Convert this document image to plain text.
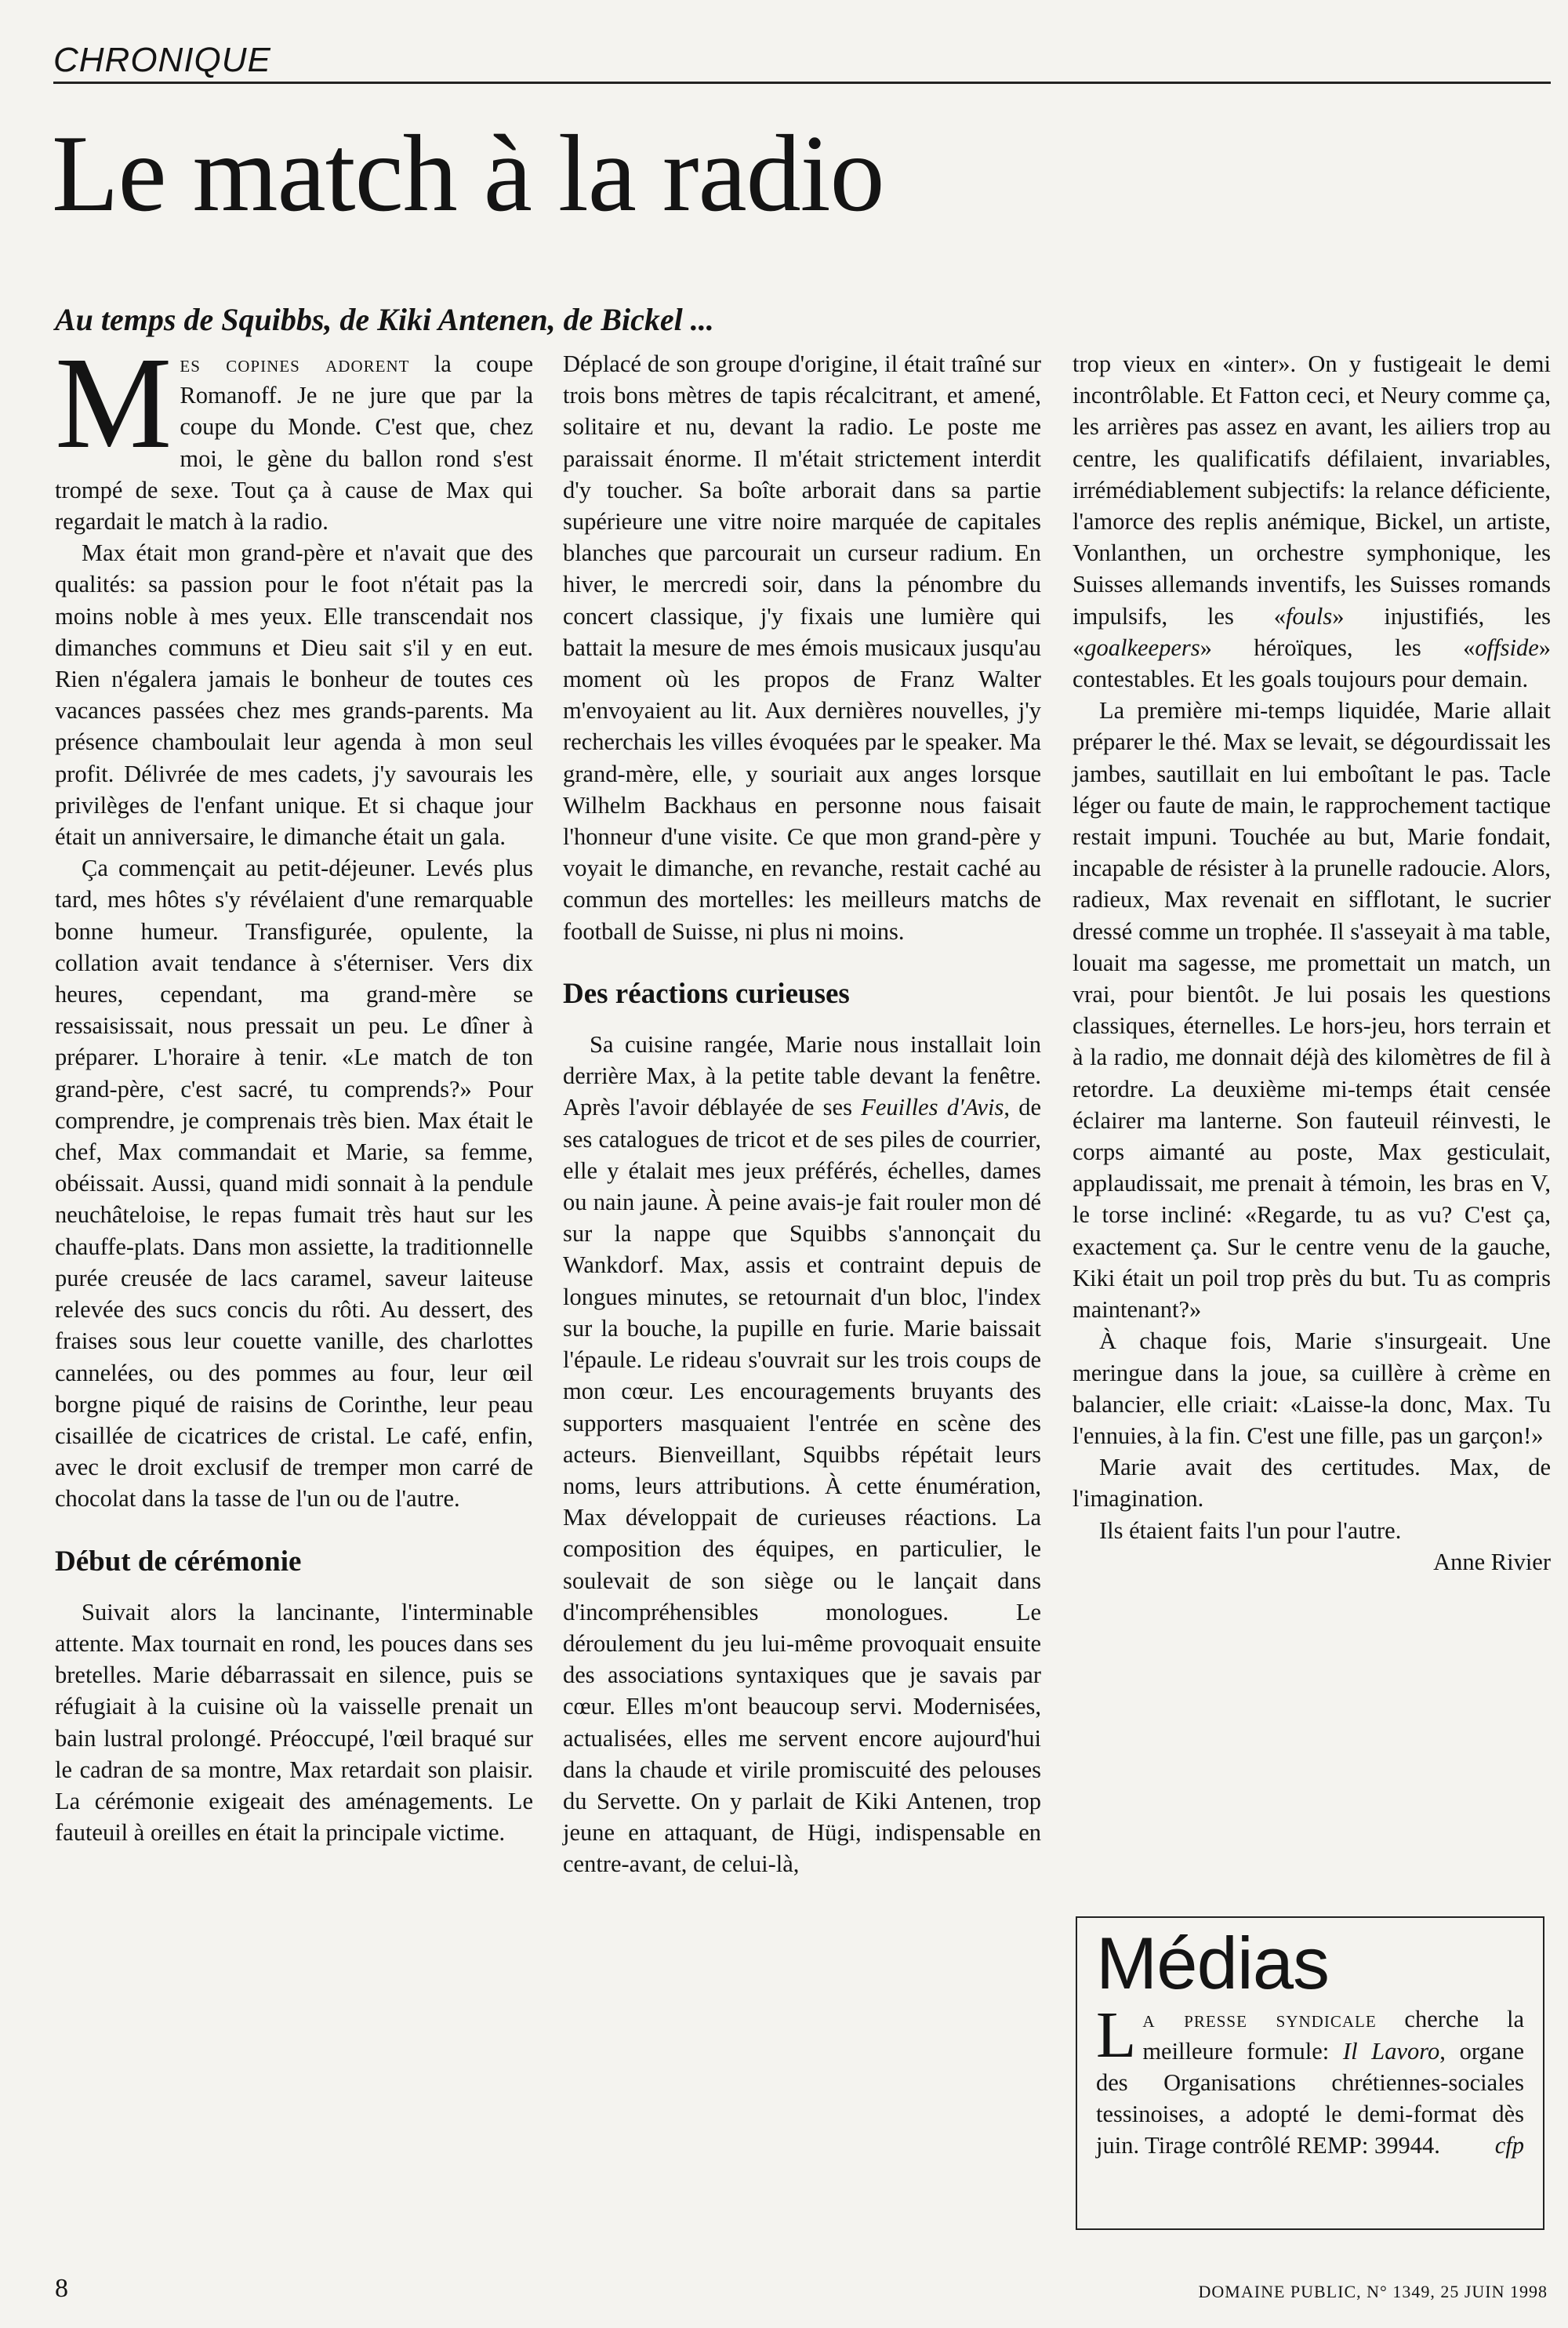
CHRONIQUE
Le match à la radio
Au temps de Squibbs, de Kiki Antenen, de Bickel ...

Mes copines adorent la coupe Romanoff. Je ne jure que par la coupe du Monde. C'est que, chez moi, le gène du ballon rond s'est trompé de sexe. Tout ça à cause de Max qui regardait le match à la radio.

Max était mon grand-père et n'avait que des qualités: sa passion pour le foot n'était pas la moins noble à mes yeux. Elle transcendait nos dimanches communs et Dieu sait s'il y en eut. Rien n'égalera jamais le bonheur de toutes ces vacances passées chez mes grands-parents. Ma présence chamboulait leur agenda à mon seul profit. Délivrée de mes cadets, j'y savourais les privilèges de l'enfant unique. Et si chaque jour était un anniversaire, le dimanche était un gala.

Ça commençait au petit-déjeuner. Levés plus tard, mes hôtes s'y révélaient d'une remarquable bonne humeur. Transfigurée, opulente, la collation avait tendance à s'éterniser. Vers dix heures, cependant, ma grand-mère se ressaisissait, nous pressait un peu. Le dîner à préparer. L'horaire à tenir. «Le match de ton grand-père, c'est sacré, tu comprends?» Pour comprendre, je comprenais très bien. Max était le chef, Max commandait et Marie, sa femme, obéissait. Aussi, quand midi sonnait à la pendule neuchâteloise, le repas fumait très haut sur les chauffe-plats. Dans mon assiette, la traditionnelle purée creusée de lacs caramel, saveur laiteuse relevée des sucs concis du rôti. Au dessert, des fraises sous leur couette vanille, des charlottes cannelées, ou des pommes au four, leur œil borgne piqué de raisins de Corinthe, leur peau cisaillée de cicatrices de cristal. Le café, enfin, avec le droit exclusif de tremper mon carré de chocolat dans la tasse de l'un ou de l'autre.

Début de cérémonie

Suivait alors la lancinante, l'interminable attente. Max tournait en rond, les pouces dans ses bretelles. Marie débarrassait en silence, puis se réfugiait à la cuisine où la vaisselle prenait un bain lustral prolongé. Préoccupé, l'œil braqué sur le cadran de sa montre, Max retardait son plaisir. La cérémonie exigeait des aménagements. Le fauteuil à oreilles en était la principale victime.

Déplacé de son groupe d'origine, il était traîné sur trois bons mètres de tapis récalcitrant, et amené, solitaire et nu, devant la radio. Le poste me paraissait énorme. Il m'était strictement interdit d'y toucher. Sa boîte arborait dans sa partie supérieure une vitre noire marquée de capitales blanches que parcourait un curseur radium. En hiver, le mercredi soir, dans la pénombre du concert classique, j'y fixais une lumière qui battait la mesure de mes émois musicaux jusqu'au moment où les propos de Franz Walter m'envoyaient au lit. Aux dernières nouvelles, j'y recherchais les villes évoquées par le speaker. Ma grand-mère, elle, y souriait aux anges lorsque Wilhelm Backhaus en personne nous faisait l'honneur d'une visite. Ce que mon grand-père y voyait le dimanche, en revanche, restait caché au commun des mortelles: les meilleurs matchs de football de Suisse, ni plus ni moins.

Des réactions curieuses

Sa cuisine rangée, Marie nous installait loin derrière Max, à la petite table devant la fenêtre. Après l'avoir déblayée de ses Feuilles d'Avis, de ses catalogues de tricot et de ses piles de courrier, elle y étalait mes jeux préférés, échelles, dames ou nain jaune. À peine avais-je fait rouler mon dé sur la nappe que Squibbs s'annonçait du Wankdorf. Max, assis et contraint depuis de longues minutes, se retournait d'un bloc, l'index sur la bouche, la pupille en furie. Marie baissait l'épaule. Le rideau s'ouvrait sur les trois coups de mon cœur. Les encouragements bruyants des supporters masquaient l'entrée en scène des acteurs. Bienveillant, Squibbs répétait leurs noms, leurs attributions. À cette énumération, Max développait de curieuses réactions. La composition des équipes, en particulier, le soulevait de son siège ou le lançait dans d'incompréhensibles monologues. Le déroulement du jeu lui-même provoquait ensuite des associations syntaxiques que je savais par cœur. Elles m'ont beaucoup servi. Modernisées, actualisées, elles me servent encore aujourd'hui dans la chaude et virile promiscuité des pelouses du Servette. On y parlait de Kiki Antenen, trop jeune en attaquant, de Hügi, indispensable en centre-avant, de celui-là,

trop vieux en «inter». On y fustigeait le demi incontrôlable. Et Fatton ceci, et Neury comme ça, les arrières pas assez en avant, les ailiers trop au centre, les qualificatifs défilaient, invariables, irrémédiablement subjectifs: la relance déficiente, l'amorce des replis anémique, Bickel, un artiste, Vonlanthen, un orchestre symphonique, les Suisses allemands inventifs, les Suisses romands impulsifs, les «fouls» injustifiés, les «goalkeepers» héroïques, les «offside» contestables. Et les goals toujours pour demain.

La première mi-temps liquidée, Marie allait préparer le thé. Max se levait, se dégourdissait les jambes, sautillait en lui emboîtant le pas. Tacle léger ou faute de main, le rapprochement tactique restait impuni. Touchée au but, Marie fondait, incapable de résister à la prunelle radoucie. Alors, radieux, Max revenait en sifflotant, le sucrier dressé comme un trophée. Il s'asseyait à ma table, louait ma sagesse, me promettait un match, un vrai, pour bientôt. Je lui posais les questions classiques, éternelles. Le hors-jeu, hors terrain et à la radio, me donnait déjà des kilomètres de fil à retordre. La deuxième mi-temps était censée éclairer ma lanterne. Son fauteuil réinvesti, le corps aimanté au poste, Max gesticulait, applaudissait, me prenait à témoin, les bras en V, le torse incliné: «Regarde, tu as vu? C'est ça, exactement ça. Sur le centre venu de la gauche, Kiki était un poil trop près du but. Tu as compris maintenant?»

À chaque fois, Marie s'insurgeait. Une meringue dans la joue, sa cuillère à crème en balancier, elle criait: «Laisse-la donc, Max. Tu l'ennuies, à la fin. C'est une fille, pas un garçon!»

Marie avait des certitudes. Max, de l'imagination.

Ils étaient faits l'un pour l'autre.

Anne Rivier

Médias

La presse syndicale cherche la meilleure formule: Il Lavoro, organe des Organisations chrétiennes-sociales tessinoises, a adopté le demi-format dès juin. Tirage contrôlé REMP: 39944. cfp

8	DOMAINE PUBLIC, N° 1349, 25 JUIN 1998
